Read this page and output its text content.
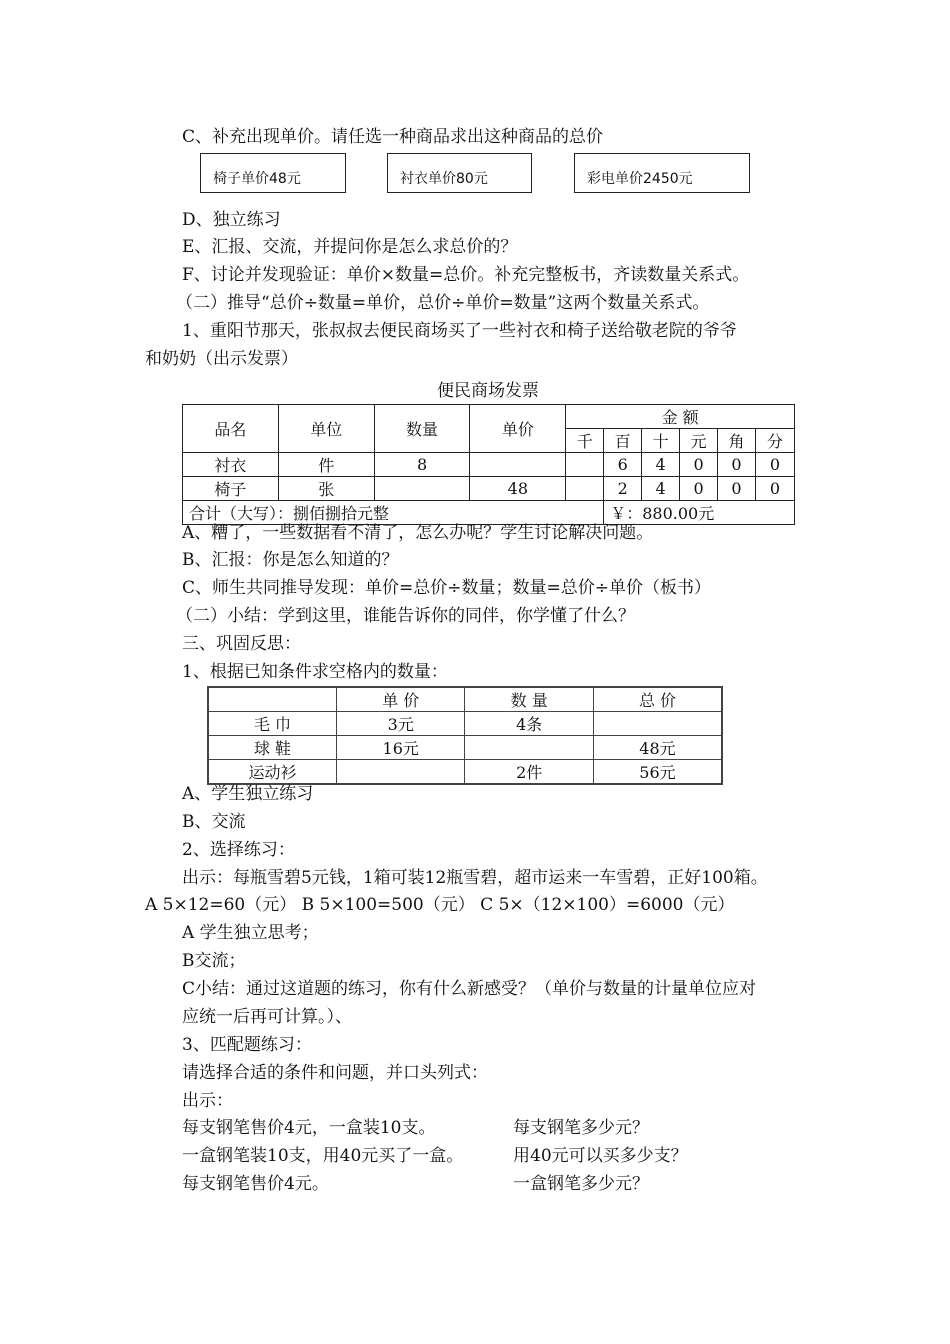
C、补充出现单价。请任选一种商品求出这种商品的总价
椅子单价48元	衬衣单价80元	彩电单价2450元
D、独立练习
E、汇报、交流，并提问你是怎么求总价的？
F、讨论并发现验证：单价×数量=总价。补充完整板书，齐读数量关系式。
（二）推导“总价÷数量=单价，总价÷单价=数量”这两个数量关系式。
1、重阳节那天，张叔叔去便民商场买了一些衬衣和椅子送给敬老院的爷爷
和奶奶（出示发票）
便民商场发票
品名	单位	数量	单价	金 额					
				千	百	十	元	角	分
衬衣	件	8			6	4	0	0	0
椅子	张		48		2	4	0	0	0
合计（大写）：捌佰捌拾元整					￥：880.00元				
A、糟了，一些数据看不清了，怎么办呢？学生讨论解决问题。
B、汇报：你是怎么知道的？
C、师生共同推导发现：单价=总价÷数量；数量=总价÷单价（板书）
（二）小结：学到这里，谁能告诉你的同伴，你学懂了什么？
三、巩固反思：
1、根据已知条件求空格内的数量：
	单 价	数 量	总 价
毛 巾	3元	4条	
球 鞋	16元		48元
运动衫		2件	56元
A、学生独立练习
B、交流
2、选择练习：
出示：每瓶雪碧5元钱，1箱可装12瓶雪碧，超市运来一车雪碧，正好100箱。
A 5×12=60（元） B 5×100=500（元） C 5×（12×100）=6000（元）
A 学生独立思考；
B交流；
C小结：通过这道题的练习，你有什么新感受？（单价与数量的计量单位应对
应统一后再可计算。）、
3、匹配题练习：
请选择合适的条件和问题，并口头列式：
出示：
每支钢笔售价4元，一盒装10支。	每支钢笔多少元？
一盒钢笔装10支，用40元买了一盒。	用40元可以买多少支？
每支钢笔售价4元。	一盒钢笔多少元？
